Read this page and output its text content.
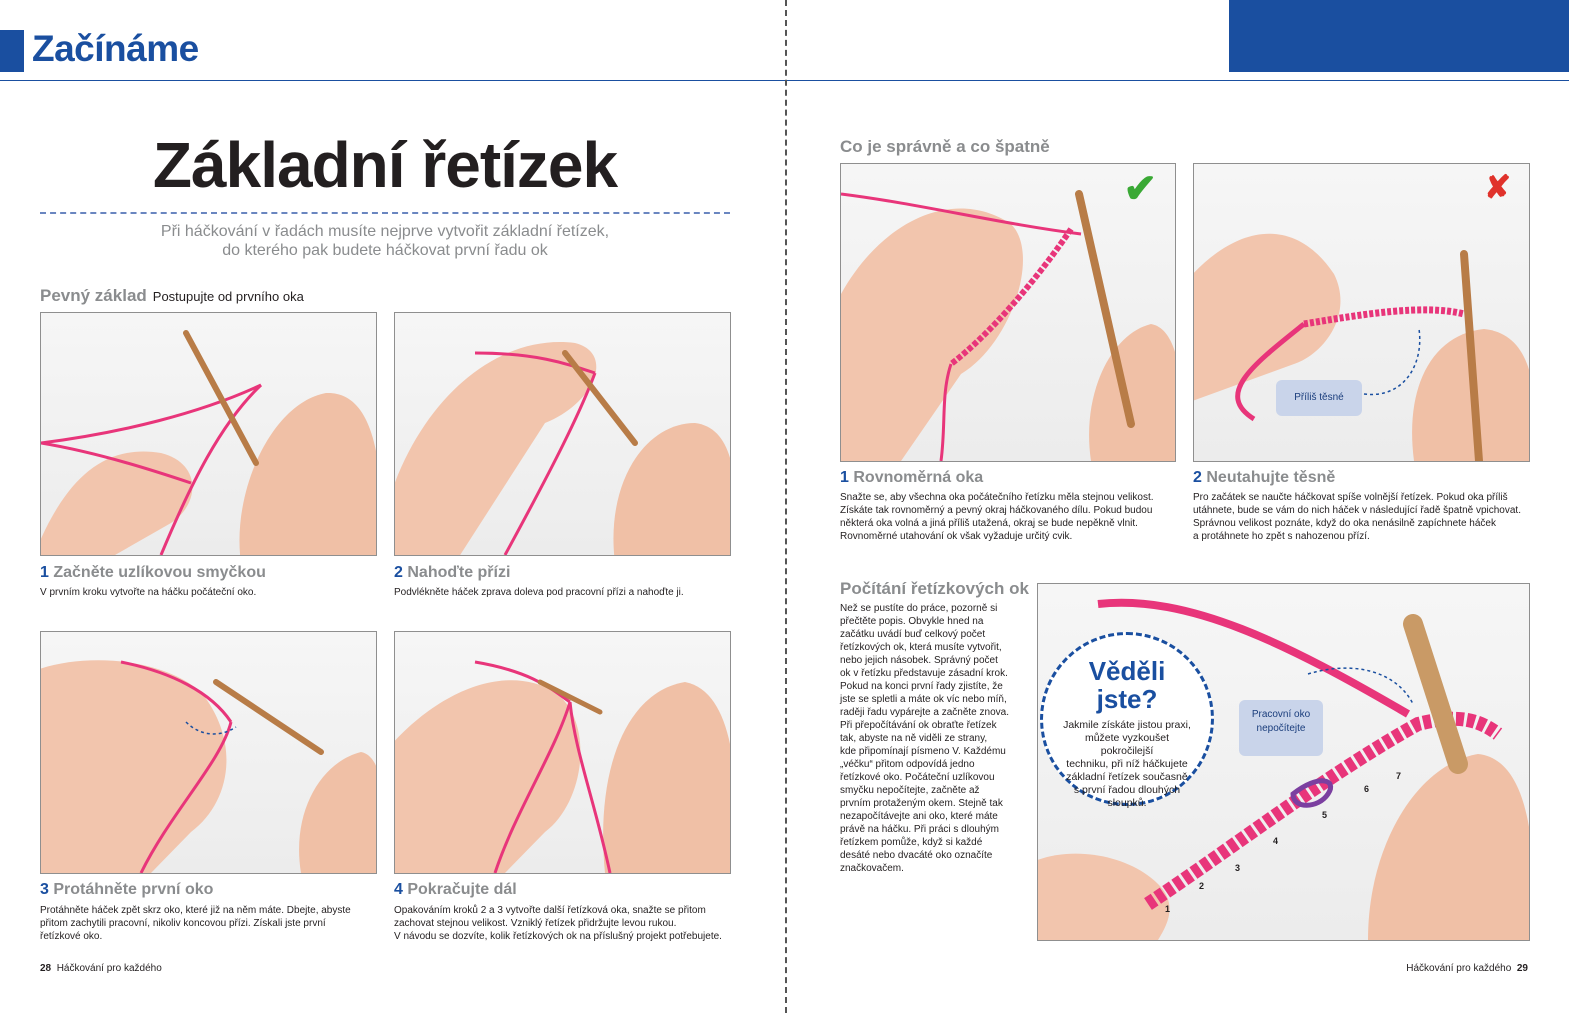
Začínáme
Základní řetízek
Při háčkování v řadách musíte nejprve vytvořit základní řetízek,
do kterého pak budete háčkovat první řadu ok
Pevný základ Postupujte od prvního oka
1 Začněte uzlíkovou smyčkou
V prvním kroku vytvořte na háčku počáteční oko.
2 Nahoďte přízi
Podvlékněte háček zprava doleva pod pracovní přízi a nahoďte ji.
3 Protáhněte první oko
Protáhněte háček zpět skrz oko, které již na něm máte. Dbejte, abyste
přitom zachytili pracovní, nikoliv koncovou přízi. Získali jste první
řetízkové oko.
4 Pokračujte dál
Opakováním kroků 2 a 3 vytvořte další řetízková oka, snažte se přitom
zachovat stejnou velikost. Vzniklý řetízek přidržujte levou rukou.
V návodu se dozvíte, kolik řetízkových ok na příslušný projekt potřebujete.
28 Háčkování pro každého
Co je správně a co špatně
✔	✘
Příliš těsné
1 Rovnoměrná oka
Snažte se, aby všechna oka počátečního řetízku měla stejnou velikost.
Získáte tak rovnoměrný a pevný okraj háčkovaného dílu. Pokud budou
některá oka volná a jiná příliš utažená, okraj se bude nepěkně vlnit.
Rovnoměrné utahování ok však vyžaduje určitý cvik.
2 Neutahujte těsně
Pro začátek se naučte háčkovat spíše volnější řetízek. Pokud oka příliš
utáhnete, bude se vám do nich háček v následující řadě špatně vpichovat.
Správnou velikost poznáte, když do oka nenásilně zapíchnete háček
a protáhnete ho zpět s nahozenou přízí.
Počítání řetízkových ok
Než se pustíte do práce, pozorně si
přečtěte popis. Obvykle hned na
začátku uvádí buď celkový počet
řetízkových ok, která musíte vytvořit,
nebo jejich násobek. Správný počet
ok v řetízku představuje zásadní krok.
Pokud na konci první řady zjistíte, že
jste se spletli a máte ok víc nebo míň,
raději řadu vypárejte a začněte znova.
Při přepočítávání ok obraťte řetízek
tak, abyste na ně viděli ze strany,
kde připomínají písmeno V. Každému
„véčku“ přitom odpovídá jedno
řetízkové oko. Počáteční uzlíkovou
smyčku nepočítejte, začněte až
prvním protaženým okem. Stejně tak
nezapočítávejte ani oko, které máte
právě na háčku. Při práci s dlouhým
řetízkem pomůže, když si každé
desáté nebo dvacáté oko označíte
značkovačem.
Pracovní oko
nepočítejte
1
2
3
4
5
6
7
Věděli
jste?
Jakmile získáte jistou praxi,
můžete vyzkoušet pokročilejší
techniku, při níž háčkujete
základní řetízek současně
s první řadou dlouhých
sloupků.
Háčkování pro každého 29
